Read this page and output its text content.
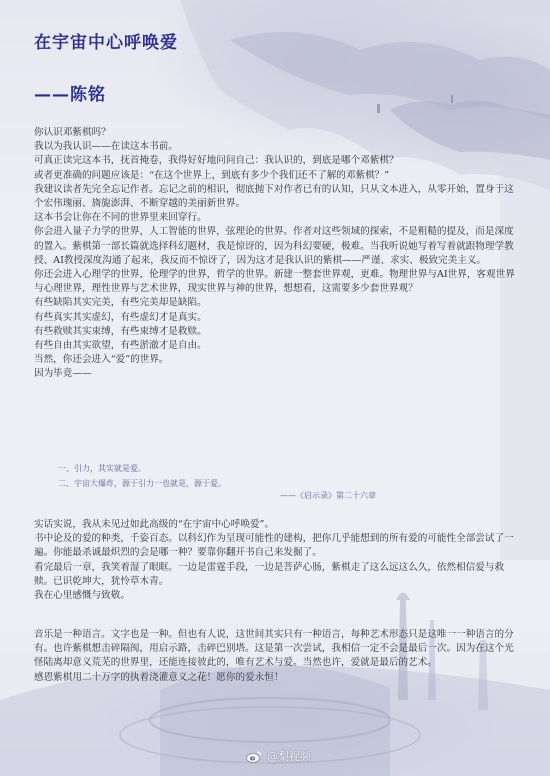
在宇宙中心呼唤爱
——陈铭

你认识邓紫棋吗？

我以为我认识——在读这本书前。

可真正读完这本书，抚首掩卷，我得好好地问问自己：我认识的，到底是哪个邓紫棋？

或者更准确的问题应该是：“在这个世界上，到底有多少个我们还不了解的邓紫棋？”

我建议读者先完全忘记作者。忘记之前的相识，彻底抛下对作者已有的认知，只从文本进入，从零开始，置身于这个宏伟瑰丽、旖旎澎湃、不断穿越的美丽新世界。

这本书会让你在不同的世界里来回穿行。

你会进入量子力学的世界，人工智能的世界，弦理论的世界。作者对这些领域的探索，不是粗糙的提及，而是深度的置入。紫棋第一部长篇就选择科幻题材，我是惊讶的，因为科幻要硬，极难。当我听说她写着写着就跟物理学教授、AI教授深度沟通了起来，我反而不惊讶了，因为这才是我认识的紫棋——严谨、求实、极致完美主义。

你还会进入心理学的世界，伦理学的世界，哲学的世界。新建一整套世界观，更难。物理世界与AI世界，客观世界与心理世界，理性世界与艺术世界，现实世界与神的世界，想想看，这需要多少套世界观？

有些缺陷其实完美，有些完美却是缺陷。

有些真实其实虚幻，有些虚幻才是真实。

有些救赎其实束缚，有些束缚才是救赎。

有些自由其实欲望，有些淤澈才是自由。

当然，你还会进入“爱”的世界。

因为毕竟——

一、引力，其实就是爱。

二、宇宙大爆炸，源于引力一也就是，源于爱。

——《启示录》第二十六章

实话实说，我从未见过如此高级的“在宇宙中心呼唤爱”。

书中论及的爱的种类，千姿百态。以科幻作为呈现可能性的建构，把你几乎能想到的所有爱的可能性全部尝试了一遍。你能最杀诚最炽烈的会是哪一种？要靠你翻开书自己来发掘了。

看完最后一章，我笑着湿了眼眶。一边是雷霆手段，一边是菩萨心肠，紫棋走了这么远这么久，依然相信爱与救赎。已识乾坤大，犹怜草木青。

我在心里感慨与致敬。

音乐是一种语言。文字也是一种。但也有人说，这世间其实只有一种语言，每种艺术形态只是这唯一一种语言的分有。也许紫棋想击碎隔阂，用启示路，击碎巴别塔。这是第一次尝试，我相信一定不会是最后一次。因为在这个光怪陆离却意义荒芜的世界里，还能连接彼此的，唯有艺术与爱。当然也许，爱就是最后的艺术。

感恩紫棋用二十万字的执着浇灌意义之花！愿你的爱永恒！

@梨视频
